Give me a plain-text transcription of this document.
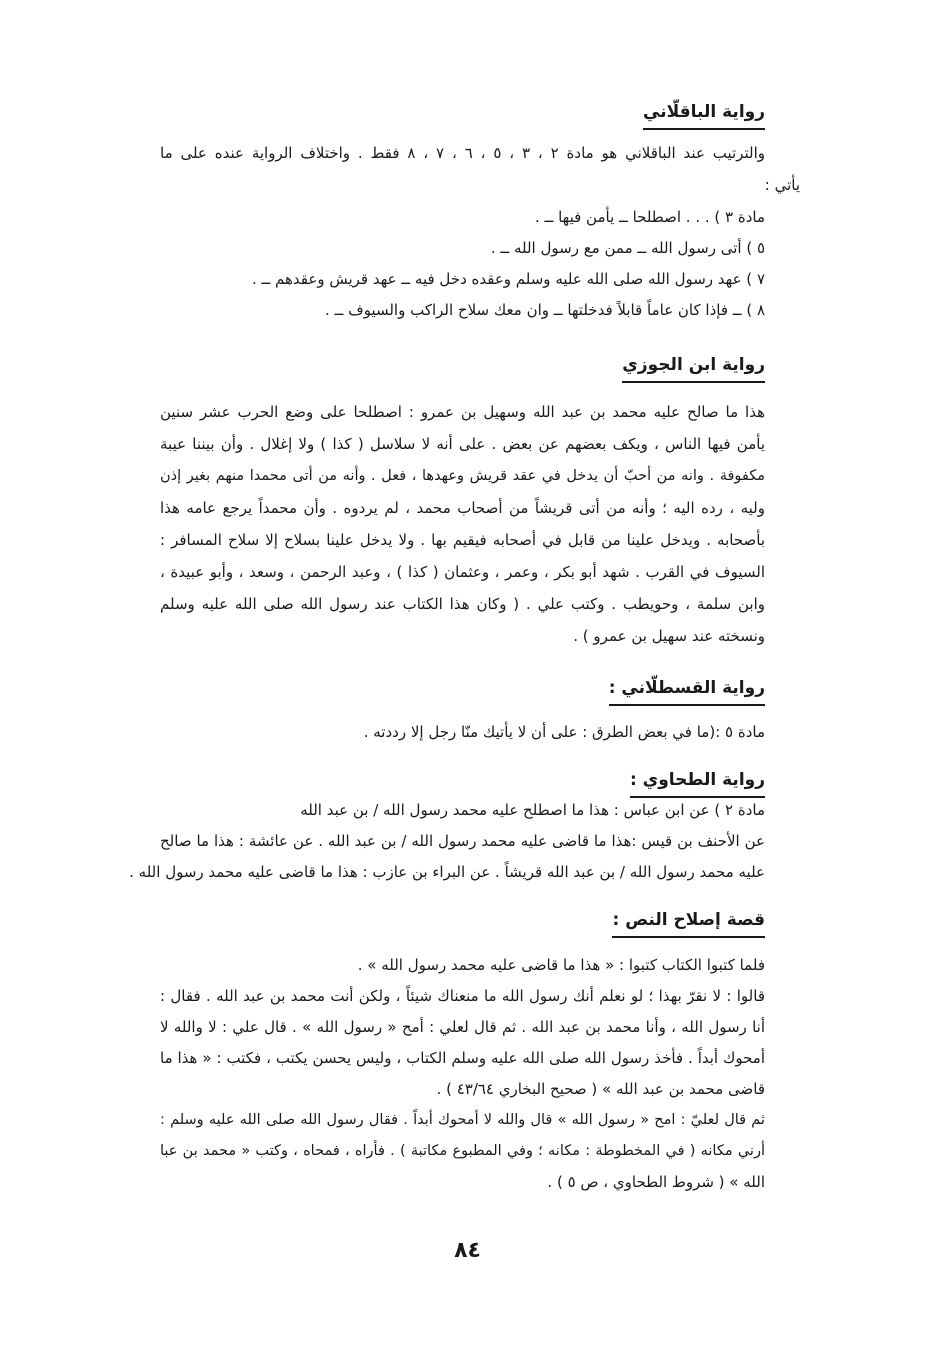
رواية الباقلّاني
والترتيب عند الباقلاني هو مادة ٢ ، ٣ ، ٥ ، ٦ ، ٧ ، ٨ فقط . واختلاف الرواية عنده على ما
يأتي :
مادة ٣ ) . . . اصطلحا ــ يأمن فيها ــ .
٥ ) أتى رسول الله ــ ممن مع رسول الله ــ .
٧ ) عهد رسول الله صلى الله عليه وسلم وعقده دخل فيه ــ عهد قريش وعقدهم ــ .
٨ ) ــ فإذا كان عاماً قابلاً فدخلتها ــ وان معك سلاح الراكب والسيوف ــ .
رواية ابن الجوزي
هذا ما صالح عليه محمد بن عبد الله وسهيل بن عمرو : اصطلحا على وضع الحرب عشر سنين
يأمن فيها الناس ، ويكف بعضهم عن بعض . على أنه لا سلاسل ( كذا ) ولا إغلال . وأن بيننا عيبة
مكفوفة . وانه من أحبّ أن يدخل في عقد قريش وعهدها ، فعل . وأنه من أتى محمدا منهم بغير إذن
وليه ، رده اليه ؛ وأنه من أتى قريشاً من أصحاب محمد ، لم يردوه . وأن محمداً يرجع عامه هذا
بأصحابه . ويدخل علينا من قابل في أصحابه فيقيم بها . ولا يدخل علينا بسلاح إلا سلاح المسافر :
السيوف في القرب . شهد أبو بكر ، وعمر ، وعثمان ( كذا ) ، وعبد الرحمن ، وسعد ، وأبو عبيدة ،
وابن سلمة ، وحويطب . وكتب علي . ( وكان هذا الكتاب عند رسول الله صلى الله عليه وسلم
ونسخته عند سهيل بن عمرو ) .
رواية القسطلّاني :
مادة ٥ :(ما في بعض الطرق : على أن لا يأتيك منّا رجل إلا رددته .
رواية الطحاوي :
مادة ٢ ) عن ابن عباس : هذا ما اصطلح عليه محمد رسول الله / بن عبد الله
عن الأحنف بن قيس :هذا ما قاضى عليه محمد رسول الله / بن عبد الله . عن عائشة : هذا ما صالح
عليه محمد رسول الله / بن عبد الله قريشاً . عن البراء بن عازب : هذا ما قاضى عليه محمد رسول الله .
قصة إصلاح النص :
فلما كتبوا الكتاب كتبوا : « هذا ما قاضى عليه محمد رسول الله » .
قالوا : لا نقرّ بهذا ؛ لو نعلم أنك رسول الله ما منعناك شيئاً ، ولكن أنت محمد بن عبد الله . فقال :
أنا رسول الله ، وأنا محمد بن عبد الله . ثم قال لعلي : أمح « رسول الله » . قال علي : لا والله لا
أمحوك أبداً . فأخذ رسول الله صلى الله عليه وسلم الكتاب ، وليس يحسن يكتب ، فكتب : « هذا ما
قاضى محمد بن عبد الله » ( صحيح البخاري ٤٣/٦٤ ) .
ثم قال لعليّ : امح « رسول الله » قال والله لا أمحوك أبداً . فقال رسول الله صلى الله عليه وسلم :
أرني مكانه ( في المخطوطة : مكانه ؛ وفي المطبوع مكاتبة ) . فأراه ، فمحاه ، وكتب « محمد بن عبا
الله » ( شروط الطحاوي ، ص ٥ ) .
٨٤
